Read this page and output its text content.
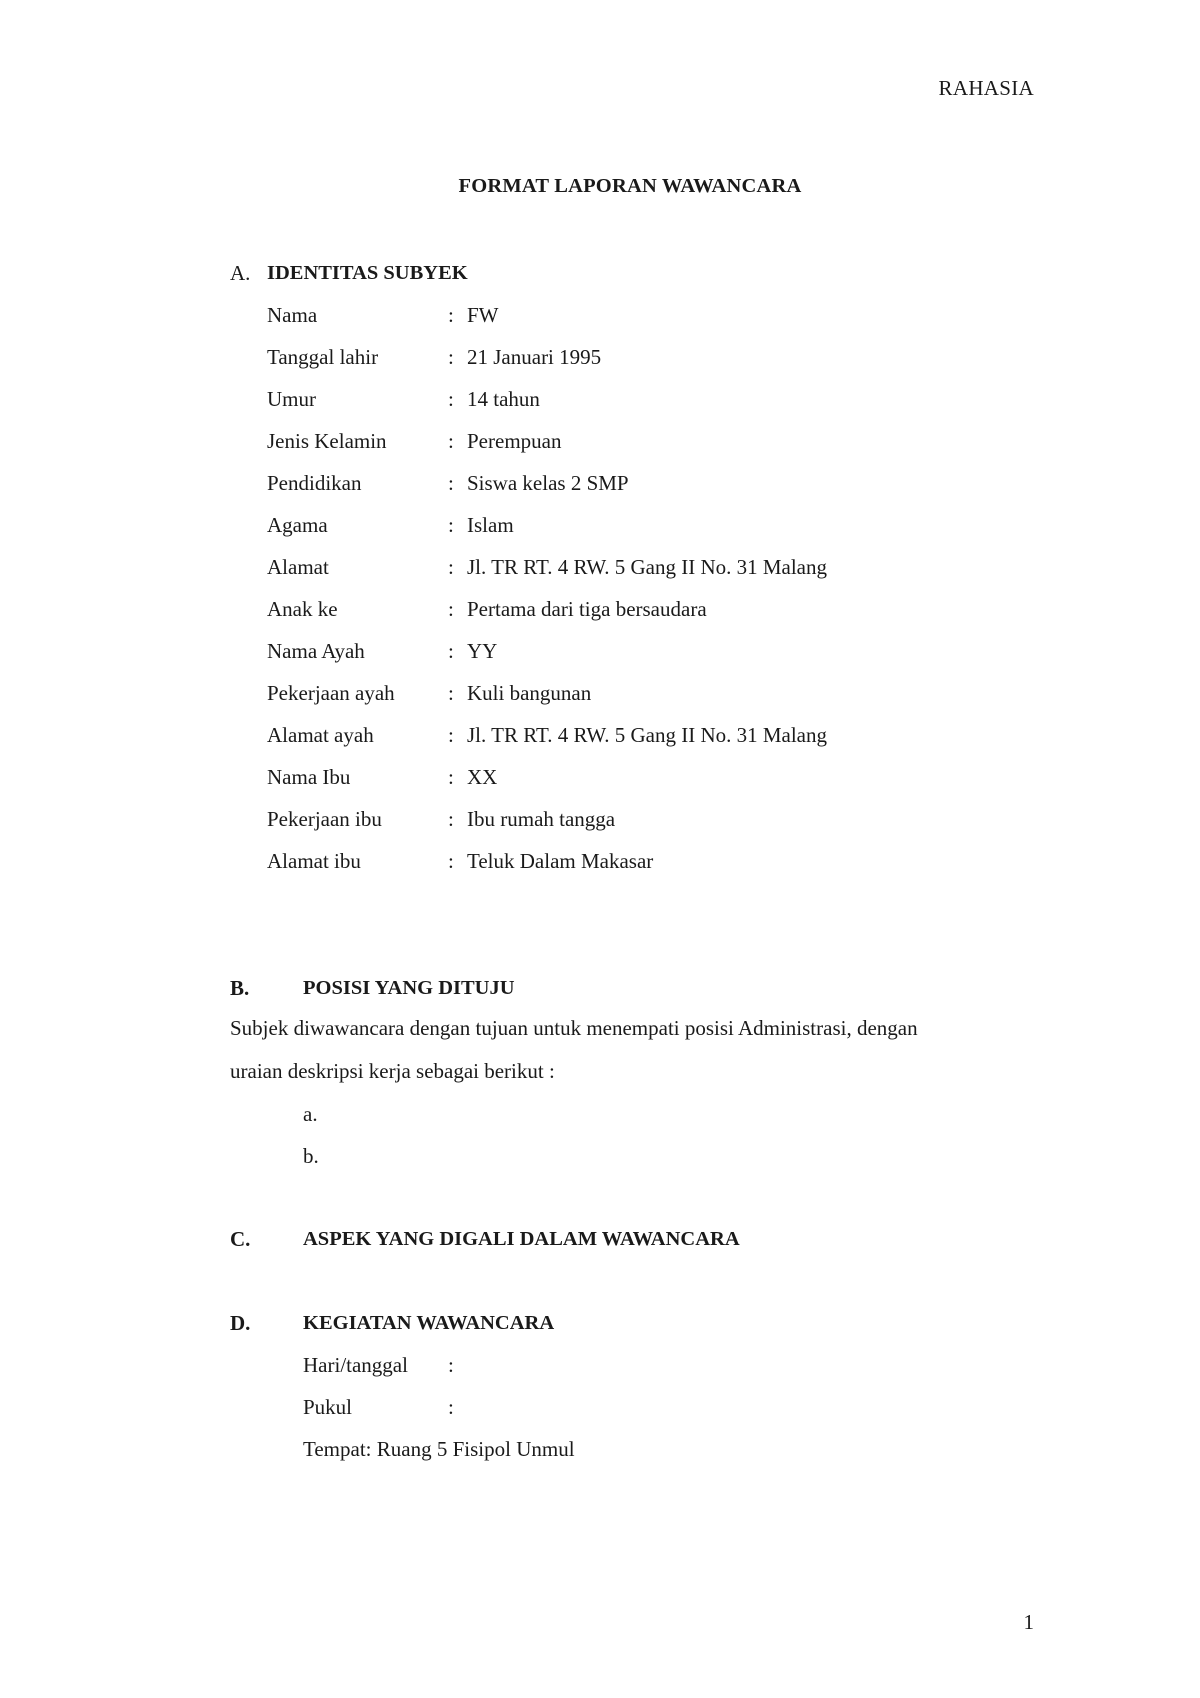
RAHASIA
FORMAT LAPORAN WAWANCARA
A. IDENTITAS SUBYEK
Nama	: FW
Tanggal lahir	: 21 Januari 1995
Umur	: 14 tahun
Jenis Kelamin	: Perempuan
Pendidikan	: Siswa kelas 2 SMP
Agama	: Islam
Alamat	: Jl. TR RT. 4 RW. 5 Gang II No. 31 Malang
Anak ke	: Pertama dari tiga bersaudara
Nama Ayah	: YY
Pekerjaan ayah	: Kuli bangunan
Alamat ayah	: Jl. TR RT. 4 RW. 5 Gang II No. 31 Malang
Nama Ibu	: XX
Pekerjaan ibu	: Ibu rumah tangga
Alamat ibu	: Teluk Dalam Makasar
B.	POSISI YANG DITUJU
Subjek diwawancara dengan tujuan untuk menempati posisi Administrasi, dengan
uraian deskripsi kerja sebagai berikut :
a.
b.
C.	ASPEK YANG DIGALI DALAM WAWANCARA
D.	KEGIATAN WAWANCARA
Hari/tanggal :
Pukul	:
Tempat: Ruang 5 Fisipol Unmul
1
